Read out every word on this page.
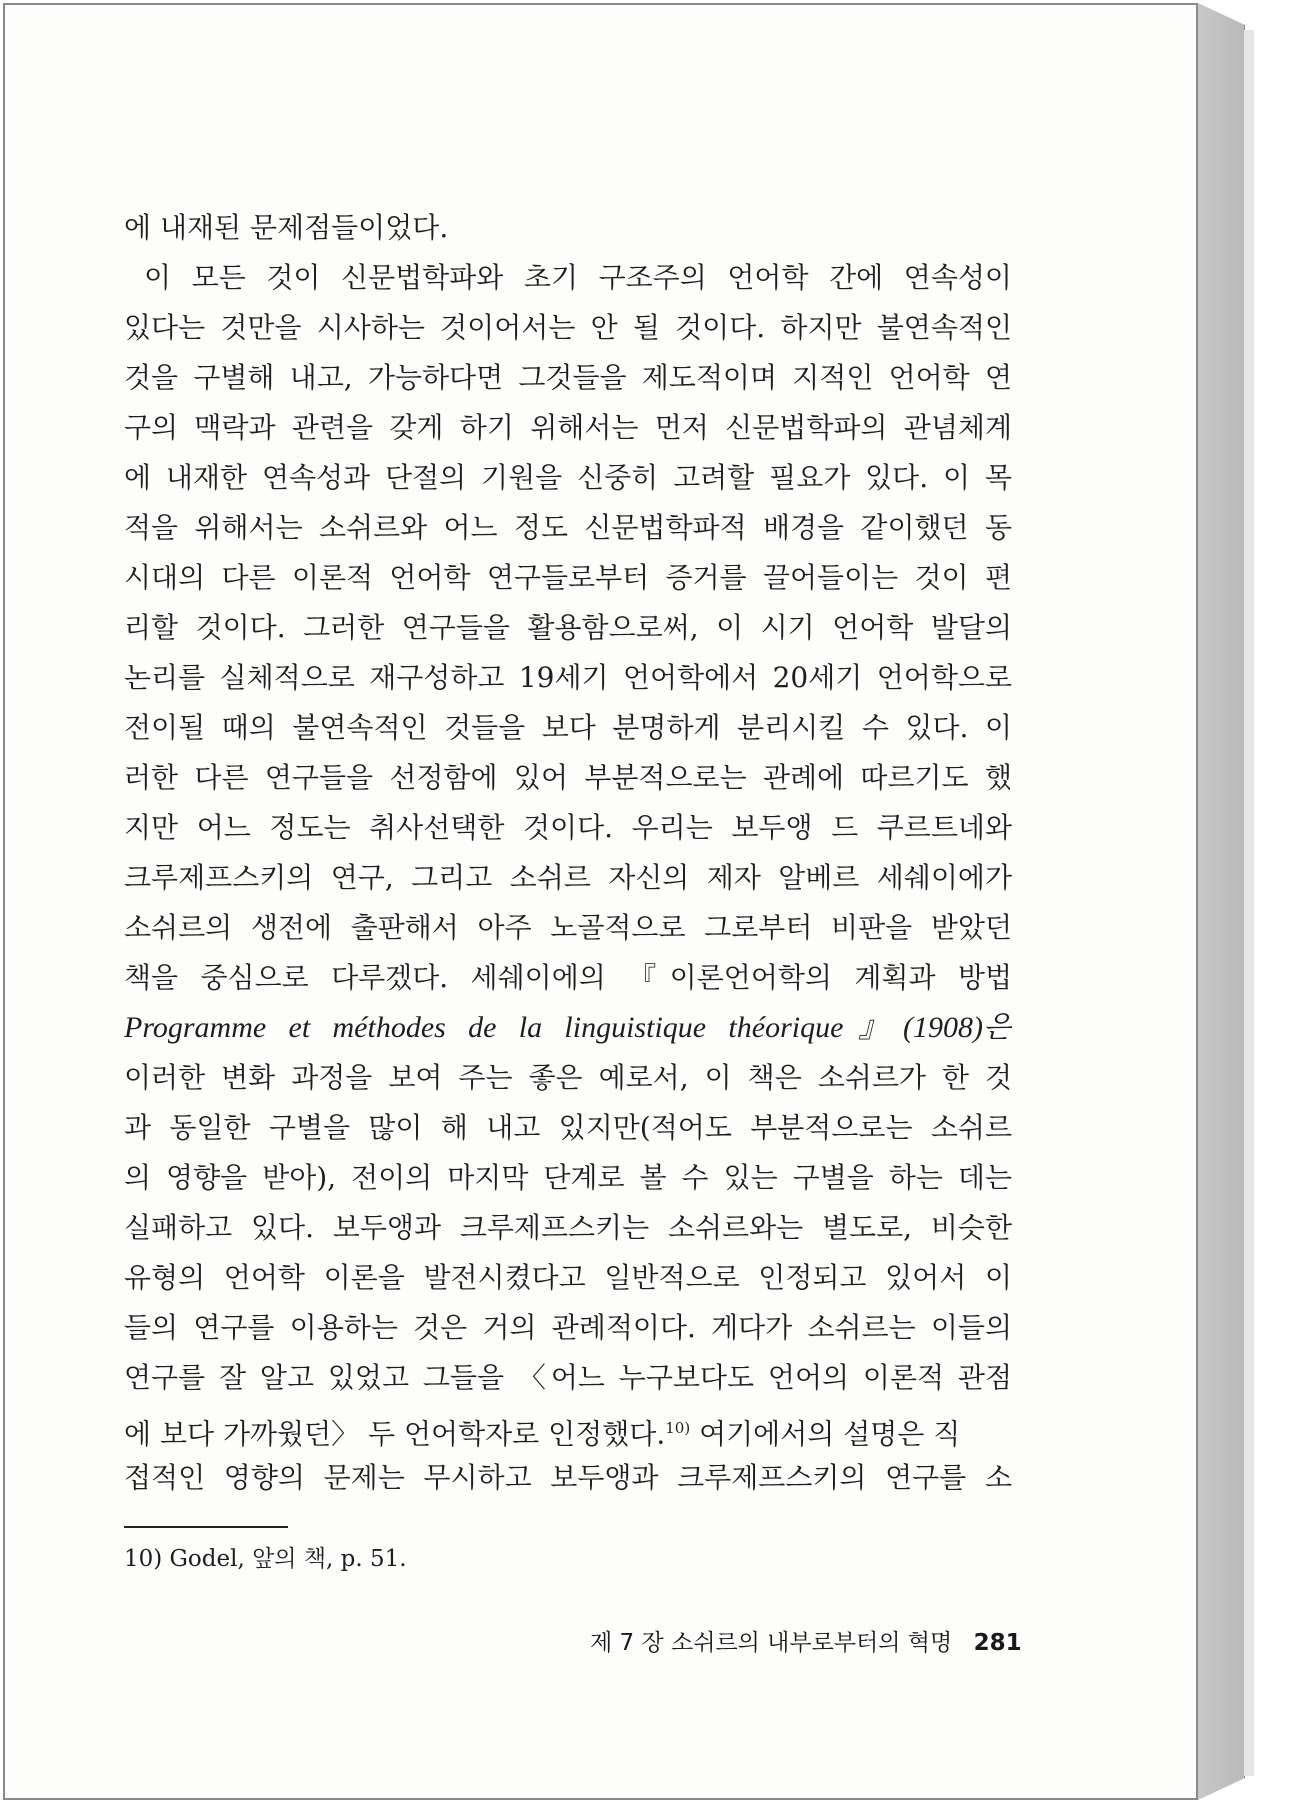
에 내재된 문제점들이었다.
이 모든 것이 신문법학파와 초기 구조주의 언어학 간에 연속성이
있다는 것만을 시사하는 것이어서는 안 될 것이다. 하지만 불연속적인
것을 구별해 내고, 가능하다면 그것들을 제도적이며 지적인 언어학 연
구의 맥락과 관련을 갖게 하기 위해서는 먼저 신문법학파의 관념체계
에 내재한 연속성과 단절의 기원을 신중히 고려할 필요가 있다. 이 목
적을 위해서는 소쉬르와 어느 정도 신문법학파적 배경을 같이했던 동
시대의 다른 이론적 언어학 연구들로부터 증거를 끌어들이는 것이 편
리할 것이다. 그러한 연구들을 활용함으로써, 이 시기 언어학 발달의
논리를 실체적으로 재구성하고 19세기 언어학에서 20세기 언어학으로
전이될 때의 불연속적인 것들을 보다 분명하게 분리시킬 수 있다. 이
러한 다른 연구들을 선정함에 있어 부분적으로는 관례에 따르기도 했
지만 어느 정도는 취사선택한 것이다. 우리는 보두앵 드 쿠르트네와
크루제프스키의 연구, 그리고 소쉬르 자신의 제자 알베르 세쉐이에가
소쉬르의 생전에 출판해서 아주 노골적으로 그로부터 비판을 받았던
책을 중심으로 다루겠다. 세쉐이에의 『이론언어학의 계획과 방법
Programme et méthodes de la linguistique théorique』(1908)은
이러한 변화 과정을 보여 주는 좋은 예로서, 이 책은 소쉬르가 한 것
과 동일한 구별을 많이 해 내고 있지만(적어도 부분적으로는 소쉬르
의 영향을 받아), 전이의 마지막 단계로 볼 수 있는 구별을 하는 데는
실패하고 있다. 보두앵과 크루제프스키는 소쉬르와는 별도로, 비슷한
유형의 언어학 이론을 발전시켰다고 일반적으로 인정되고 있어서 이
들의 연구를 이용하는 것은 거의 관례적이다. 게다가 소쉬르는 이들의
연구를 잘 알고 있었고 그들을 〈어느 누구보다도 언어의 이론적 관점
에 보다 가까웠던〉 두 언어학자로 인정했다.$^{10)}$ 여기에서의 설명은 직
접적인 영향의 문제는 무시하고 보두앵과 크루제프스키의 연구를 소
10) Godel, 앞의 책, p. 51.
제 7 장 소쉬르의 내부로부터의 혁명 281
